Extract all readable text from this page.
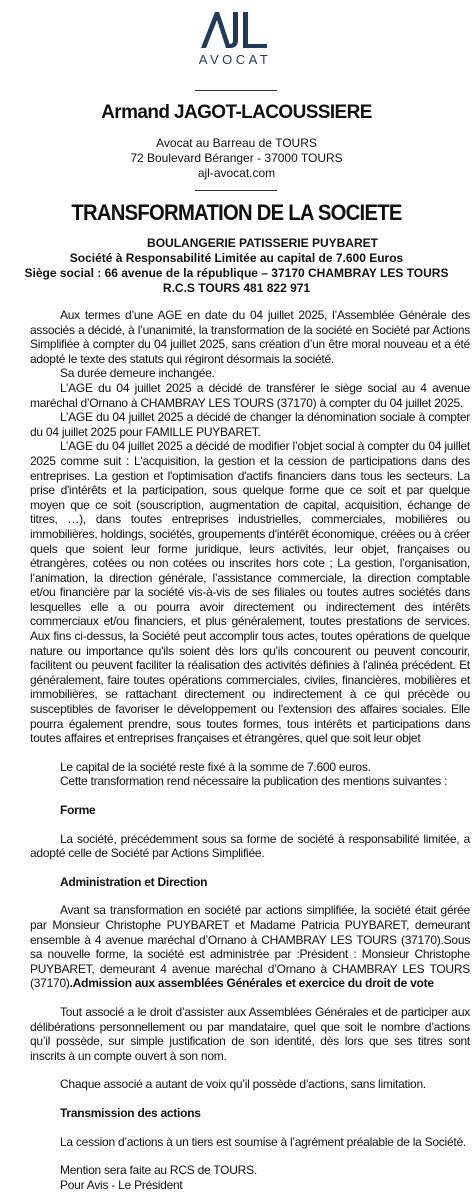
AVOCAT
Armand JAGOT-LACOUSSIERE
Avocat au Barreau de TOURS
72 Boulevard Béranger - 37000 TOURS
ajl-avocat.com
TRANSFORMATION DE LA SOCIETE
BOULANGERIE PATISSERIE PUYBARET
Société à Responsabilité Limitée au capital de 7.600 Euros
Siège social : 66 avenue de la république – 37170 CHAMBRAY LES TOURS
R.C.S TOURS 481 822 971

Aux termes d’une AGE en date du 04 juillet 2025, l’Assemblée Générale des associés a décidé, à l’unanimité, la transformation de la société en Société par Actions Simplifiée à compter du 04 juillet 2025, sans création d’un être moral nouveau et a été adopté le texte des statuts qui régiront désormais la société.

Sa durée demeure inchangée.

L’AGE du 04 juillet 2025 a décidé de transférer le siège social au 4 avenue maréchal d’Ornano à CHAMBRAY LES TOURS (37170) à compter du 04 juillet 2025.

L’AGE du 04 juillet 2025 a décidé de changer la dénomination sociale à compter du 04 juillet 2025 pour FAMILLE PUYBARET.

L’AGE du 04 juillet 2025 a décidé de modifier l’objet social à compter du 04 juillet 2025 comme suit : L'acquisition, la gestion et la cession de participations dans des entreprises. La gestion et l'optimisation d'actifs financiers dans tous les secteurs. La prise d'intérêts et la participation, sous quelque forme que ce soit et par quelque moyen que ce soit (souscription, augmentation de capital, acquisition, échange de titres, …), dans toutes entreprises industrielles, commerciales, mobilières ou immobilières, holdings, sociétés, groupements d'intérêt économique, créées ou à créer quels que soient leur forme juridique, leurs activités, leur objet, françaises ou étrangères, cotées ou non cotées ou inscrites hors cote ; La gestion, l’organisation, l’animation, la direction générale, l’assistance commerciale, la direction comptable et/ou financière par la société vis-à-vis de ses filiales ou toutes autres sociétés dans lesquelles elle a ou pourra avoir directement ou indirectement des intérêts commerciaux et/ou financiers, et plus généralement, toutes prestations de services. Aux fins ci-dessus, la Société peut accomplir tous actes, toutes opérations de quelque nature ou importance qu'ils soient dès lors qu'ils concourent ou peuvent concourir, facilitent ou peuvent faciliter la réalisation des activités définies à l'alinéa précédent. Et généralement, faire toutes opérations commerciales, civiles, financières, mobilières et immobilières, se rattachant directement ou indirectement à ce qui précède ou susceptibles de favoriser le développement ou l'extension des affaires sociales. Elle pourra également prendre, sous toutes formes, tous intérêts et participations dans toutes affaires et entreprises françaises et étrangères, quel que soit leur objet

Le capital de la société reste fixé à la somme de 7.600 euros.

Cette transformation rend nécessaire la publication des mentions suivantes :

Forme

La société, précédemment sous sa forme de société à responsabilité limitée, a adopté celle de Société par Actions Simplifiée.

Administration et Direction

Avant sa transformation en société par actions simplifiée, la société était gérée par Monsieur Christophe PUYBARET et Madame Patricia PUYBARET, demeurant ensemble à 4 avenue maréchal d’Ornano à CHAMBRAY LES TOURS (37170).Sous sa nouvelle forme, la société est administrée par :Président : Monsieur Christophe PUYBARET, demeurant 4 avenue maréchal d’Ornano à CHAMBRAY LES TOURS (37170).Admission aux assemblées Générales et exercice du droit de vote

Tout associé a le droit d’assister aux Assemblées Générales et de participer aux délibérations personnellement ou par mandataire, quel que soit le nombre d’actions qu’il possède, sur simple justification de son identité, dès lors que ses titres sont inscrits à un compte ouvert à son nom.

Chaque associé a autant de voix qu’il possède d’actions, sans limitation.

Transmission des actions

La cession d’actions à un tiers est soumise à l’agrément préalable de la Société.

Mention sera faite au RCS de TOURS.

Pour Avis - Le Président
